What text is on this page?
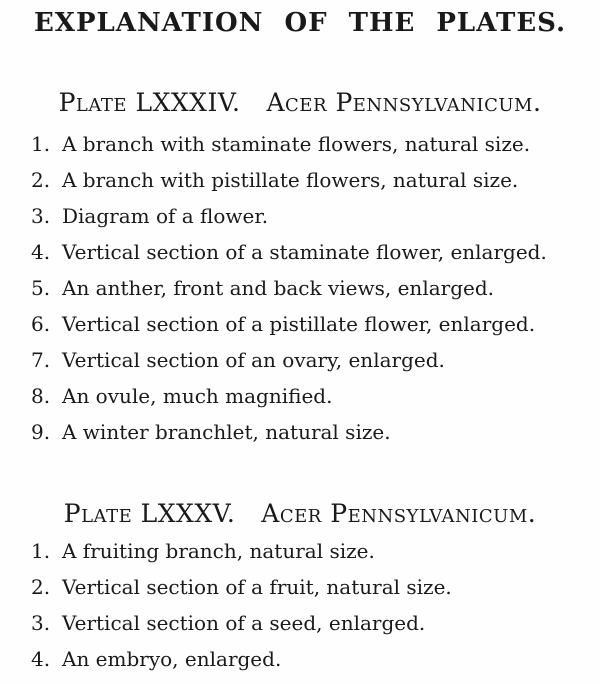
EXPLANATION OF THE PLATES.
Plate LXXXIV. Acer Pennsylvanicum.
1. A branch with staminate flowers, natural size.
2. A branch with pistillate flowers, natural size.
3. Diagram of a flower.
4. Vertical section of a staminate flower, enlarged.
5. An anther, front and back views, enlarged.
6. Vertical section of a pistillate flower, enlarged.
7. Vertical section of an ovary, enlarged.
8. An ovule, much magnified.
9. A winter branchlet, natural size.
Plate LXXXV. Acer Pennsylvanicum.
1. A fruiting branch, natural size.
2. Vertical section of a fruit, natural size.
3. Vertical section of a seed, enlarged.
4. An embryo, enlarged.
